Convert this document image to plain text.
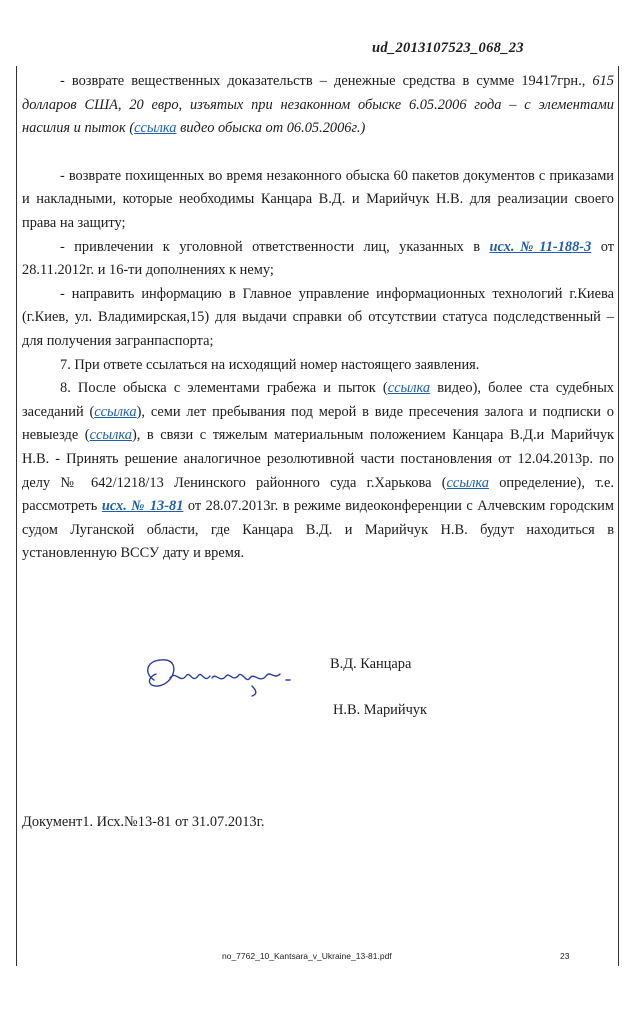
ud_2013107523_068_23

- возврате вещественных доказательств – денежные средства в сумме 19417грн., 615 долларов США, 20 евро, изъятых при незаконном обыске 6.05.2006 года – с элементами насилия и пыток (ссылка видео обыска от 06.05.2006г.)

- возврате похищенных во время незаконного обыска 60 пакетов документов с приказами и накладными, которые необходимы Канцара В.Д. и Марийчук Н.В. для реализации своего права на защиту;

- привлечении к уголовной ответственности лиц, указанных в исх.№11-188-3 от 28.11.2012г. и 16-ти дополнениях к нему;

- направить информацию в Главное управление информационных технологий г.Киева (г.Киев, ул. Владимирская,15) для выдачи справки об отсутствии статуса подследственный – для получения загранпаспорта;

7. При ответе ссылаться на исходящий номер настоящего заявления.

8. После обыска с элементами грабежа и пыток (ссылка видео), более ста судебных заседаний (ссылка), семи лет пребывания под мерой в виде пресечения залога и подписки о невыезде (ссылка), в связи с тяжелым материальным положением Канцара В.Д.и Марийчук Н.В. - Принять решение аналогичное резолютивной части постановления от 12.04.2013р. по делу № 642/1218/13 Ленинского районного суда г.Харькова (ссылка определение), т.е. рассмотреть исх. № 13-81 от 28.07.2013г. в режиме видеоконференции с Алчевским городским судом Луганской области, где Канцара В.Д. и Марийчук Н.В. будут находиться в установленную ВССУ дату и время.

В.Д. Канцара
Н.В. Марийчук
Документ1. Исх.№13-81 от 31.07.2013г.
no_7762_10_Kantsara_v_Ukraine_13-81.pdf	23
